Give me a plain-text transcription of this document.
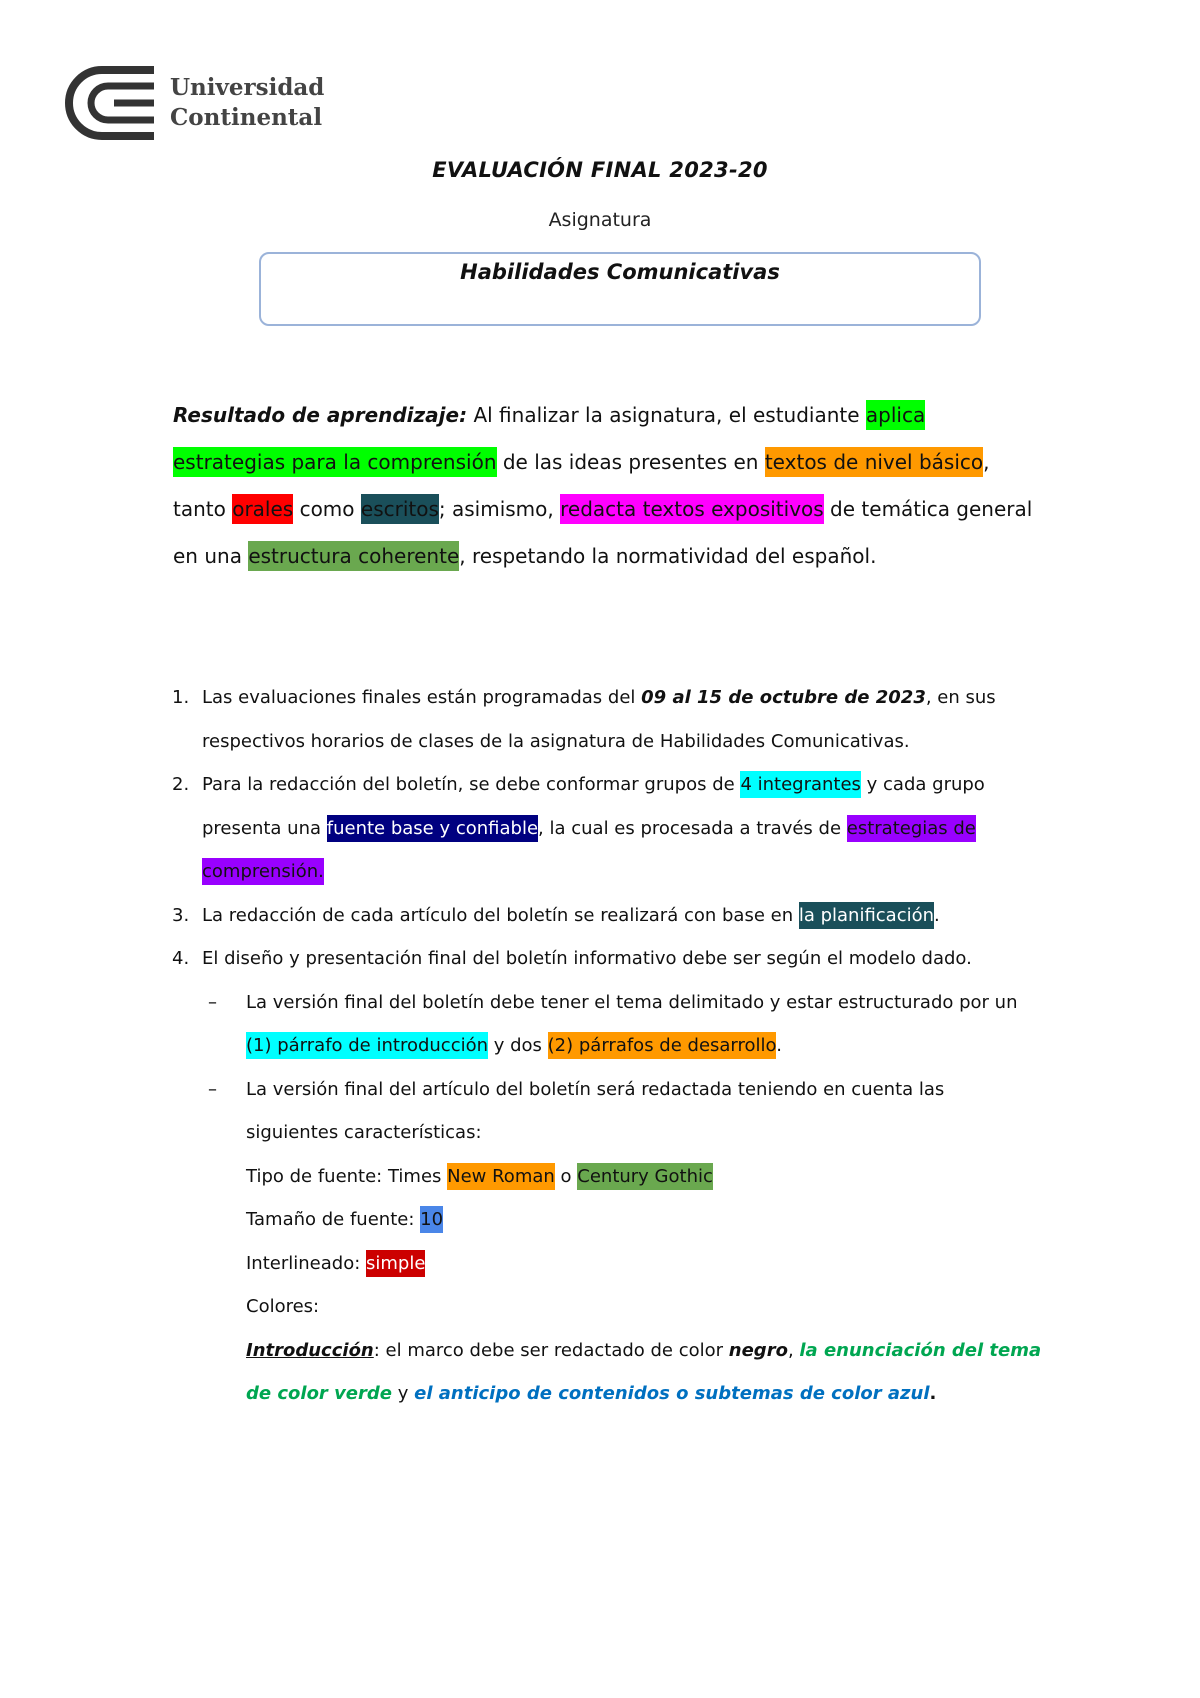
Universidad
Continental
EVALUACIÓN FINAL 2023-20
Asignatura
Habilidades Comunicativas
Resultado de aprendizaje: Al finalizar la asignatura, el estudiante aplica estrategias para la comprensión de las ideas presentes en textos de nivel básico, tanto orales como escritos; asimismo, redacta textos expositivos de temática general en una estructura coherente, respetando la normatividad del español.
1. Las evaluaciones finales están programadas del 09 al 15 de octubre de 2023, en sus respectivos horarios de clases de la asignatura de Habilidades Comunicativas.
2. Para la redacción del boletín, se debe conformar grupos de 4 integrantes y cada grupo presenta una fuente base y confiable, la cual es procesada a través de estrategias de comprensión.
3. La redacción de cada artículo del boletín se realizará con base en la planificación.
4. El diseño y presentación final del boletín informativo debe ser según el modelo dado.
– La versión final del boletín debe tener el tema delimitado y estar estructurado por un (1) párrafo de introducción y dos (2) párrafos de desarrollo.
– La versión final del artículo del boletín será redactada teniendo en cuenta las siguientes características:
Tipo de fuente: Times New Roman o Century Gothic
Tamaño de fuente: 10
Interlineado: simple
Colores:
Introducción: el marco debe ser redactado de color negro, la enunciación del tema de color verde y el anticipo de contenidos o subtemas de color azul.
